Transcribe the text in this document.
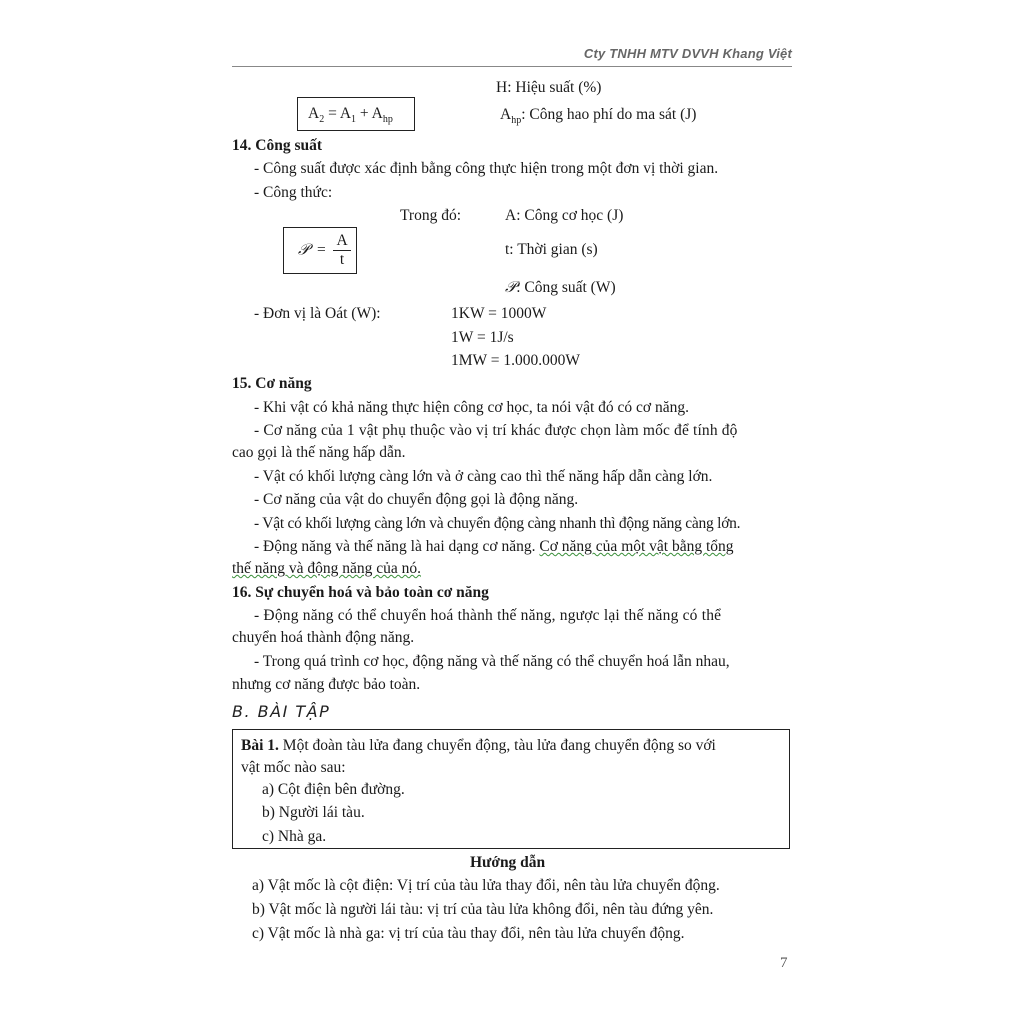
Cty TNHH MTV DVVH Khang Việt
H: Hiệu suất (%)
$A_2 = A_1 + A_{hp}$	$A_{hp}$: Công hao phí do ma sát (J)
14. Công suất
- Công suất được xác định bằng công thực hiện trong một đơn vị thời gian.
- Công thức:
Trong đó:	A: Công cơ học (J)
𝒫  = $\frac{A}{t}$	t: Thời gian (s)
𝒫: Công suất (W)
- Đơn vị là Oát (W):	1KW = 1000W
1W = 1J/s
1MW = 1.000.000W
15. Cơ năng
- Khi vật có khả năng thực hiện công cơ học, ta nói vật đó có cơ năng.
- Cơ năng của 1 vật phụ thuộc vào vị trí khác được chọn làm mốc để tính độ
cao gọi là thế năng hấp dẫn.
- Vật có khối lượng càng lớn và ở càng cao thì thế năng hấp dẫn càng lớn.
- Cơ năng của vật do chuyển động gọi là động năng.
- Vật có khối lượng càng lớn và chuyển động càng nhanh thì động năng càng lớn.
- Động năng và thế năng là hai dạng cơ năng. Cơ năng của một vật bằng tổng
thế năng và động năng của nó.
16. Sự chuyển hoá và bảo toàn cơ năng
- Động năng có thể chuyển hoá thành thế năng, ngược lại thế năng có thể
chuyển hoá thành động năng.
- Trong quá trình cơ học, động năng và thế năng có thể chuyển hoá lẫn nhau,
nhưng cơ năng được bảo toàn.
B. BÀI TẬP
Bài 1. Một đoàn tàu lửa đang chuyển động, tàu lửa đang chuyển động so với
vật mốc nào sau:
a) Cột điện bên đường.
b) Người lái tàu.
c) Nhà ga.
Hướng dẫn
a) Vật mốc là cột điện: Vị trí của tàu lửa thay đổi, nên tàu lửa chuyển động.
b) Vật mốc là người lái tàu: vị trí của tàu lửa không đổi, nên tàu đứng yên.
c) Vật mốc là nhà ga: vị trí của tàu thay đổi, nên tàu lửa chuyển động.
7
